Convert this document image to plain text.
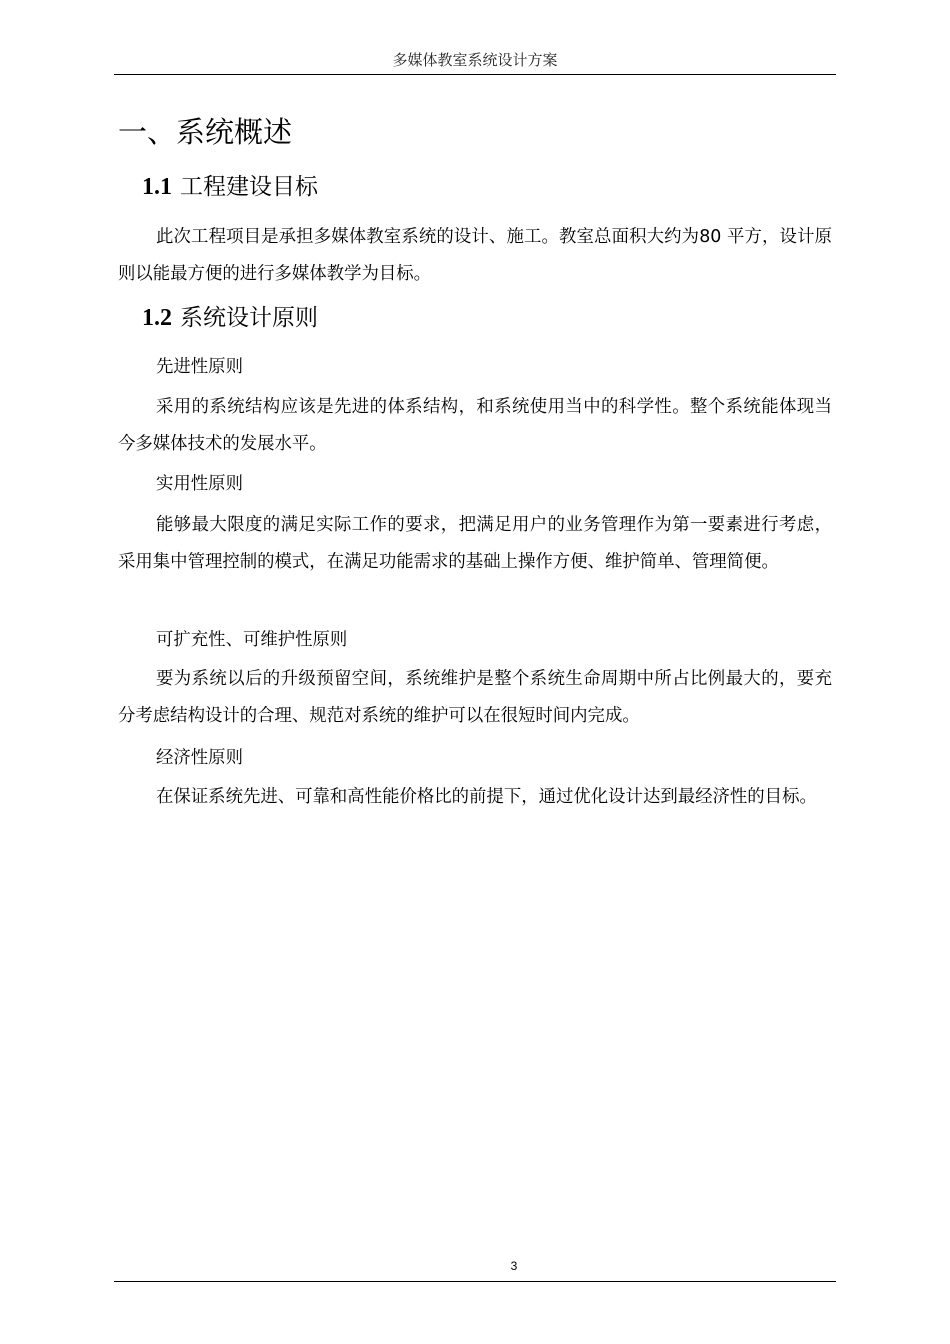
多媒体教室系统设计方案
一、系统概述
1.1 工程建设目标
此次工程项目是承担多媒体教室系统的设计、施工。教室总面积大约为80 平方，设计原则以能最方便的进行多媒体教学为目标。
1.2 系统设计原则
先进性原则
采用的系统结构应该是先进的体系结构，和系统使用当中的科学性。整个系统能体现当今多媒体技术的发展水平。
实用性原则
能够最大限度的满足实际工作的要求，把满足用户的业务管理作为第一要素进行考虑，采用集中管理控制的模式，在满足功能需求的基础上操作方便、维护简单、管理简便。
可扩充性、可维护性原则
要为系统以后的升级预留空间，系统维护是整个系统生命周期中所占比例最大的，要充分考虑结构设计的合理、规范对系统的维护可以在很短时间内完成。
经济性原则
在保证系统先进、可靠和高性能价格比的前提下，通过优化设计达到最经济性的目标。
3
